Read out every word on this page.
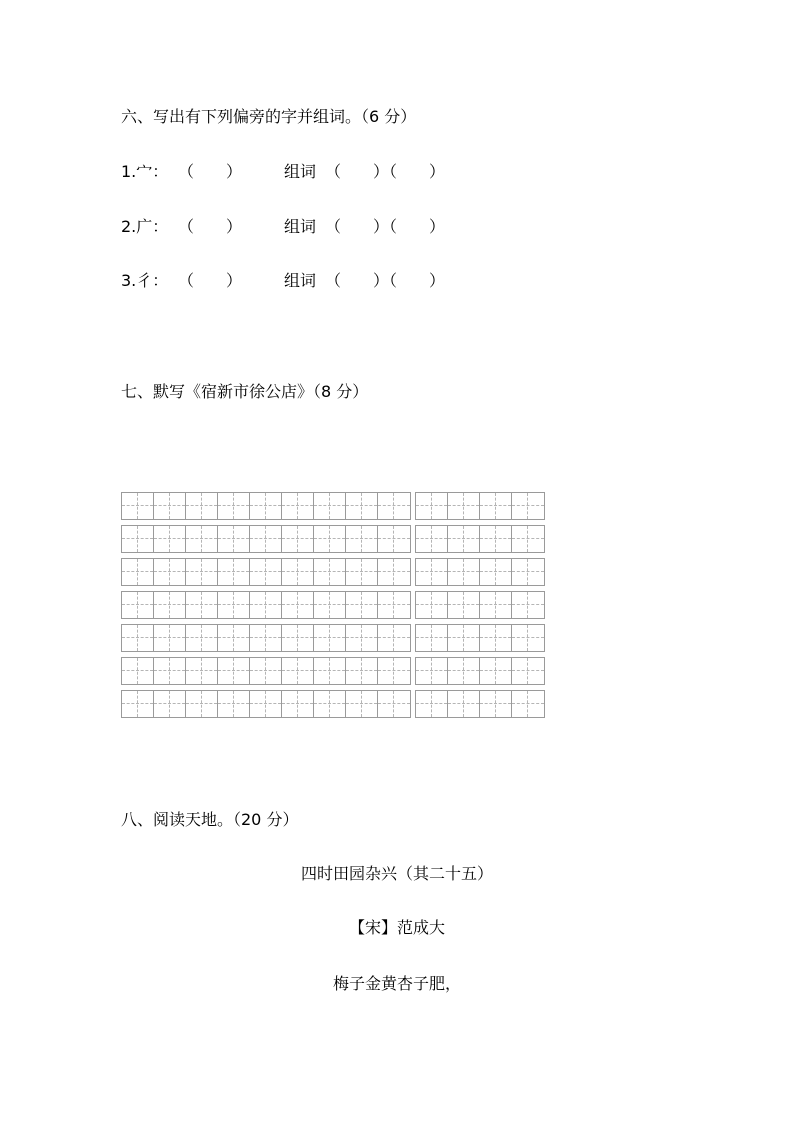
六、写出有下列偏旁的字并组词。（6 分）
1.宀： （　　）	组词 （　　）（　　）
2.广： （　　）	组词 （　　）（　　）
3.彳： （　　）	组词 （　　）（　　）
七、默写《宿新市徐公店》（8 分）
八、阅读天地。（20 分）
四时田园杂兴（其二十五）
【宋】范成大
梅子金黄杏子肥，
